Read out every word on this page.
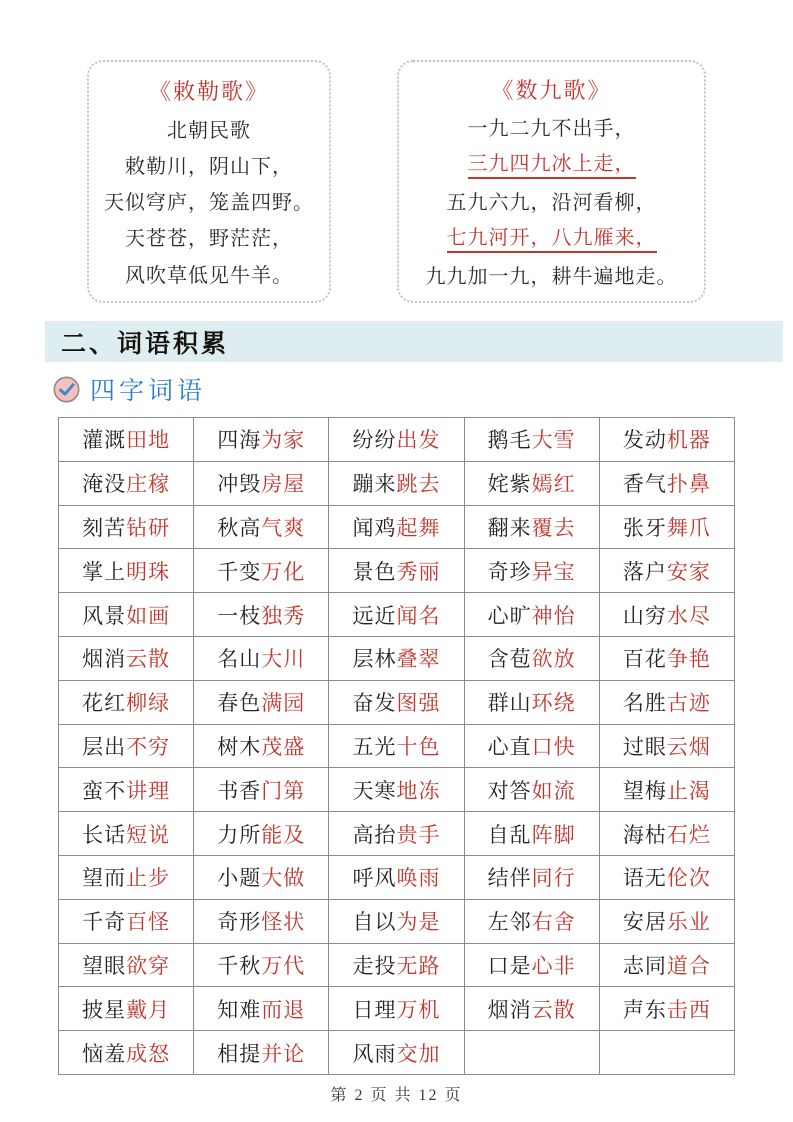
《敕勒歌》
北朝民歌
敕勒川，阴山下，
天似穹庐，笼盖四野。
天苍苍，野茫茫，
风吹草低见牛羊。
《数九歌》
一九二九不出手，
三九四九冰上走，
五九六九，沿河看柳，
七九河开，八九雁来，
九九加一九，耕牛遍地走。
二、词语积累
四字词语
灌溉田地	四海为家	纷纷出发	鹅毛大雪	发动机器
淹没庄稼	冲毁房屋	蹦来跳去	姹紫嫣红	香气扑鼻
刻苦钻研	秋高气爽	闻鸡起舞	翻来覆去	张牙舞爪
掌上明珠	千变万化	景色秀丽	奇珍异宝	落户安家
风景如画	一枝独秀	远近闻名	心旷神怡	山穷水尽
烟消云散	名山大川	层林叠翠	含苞欲放	百花争艳
花红柳绿	春色满园	奋发图强	群山环绕	名胜古迹
层出不穷	树木茂盛	五光十色	心直口快	过眼云烟
蛮不讲理	书香门第	天寒地冻	对答如流	望梅止渴
长话短说	力所能及	高抬贵手	自乱阵脚	海枯石烂
望而止步	小题大做	呼风唤雨	结伴同行	语无伦次
千奇百怪	奇形怪状	自以为是	左邻右舍	安居乐业
望眼欲穿	千秋万代	走投无路	口是心非	志同道合
披星戴月	知难而退	日理万机	烟消云散	声东击西
恼羞成怒	相提并论	风雨交加		
第 2 页 共 12 页
